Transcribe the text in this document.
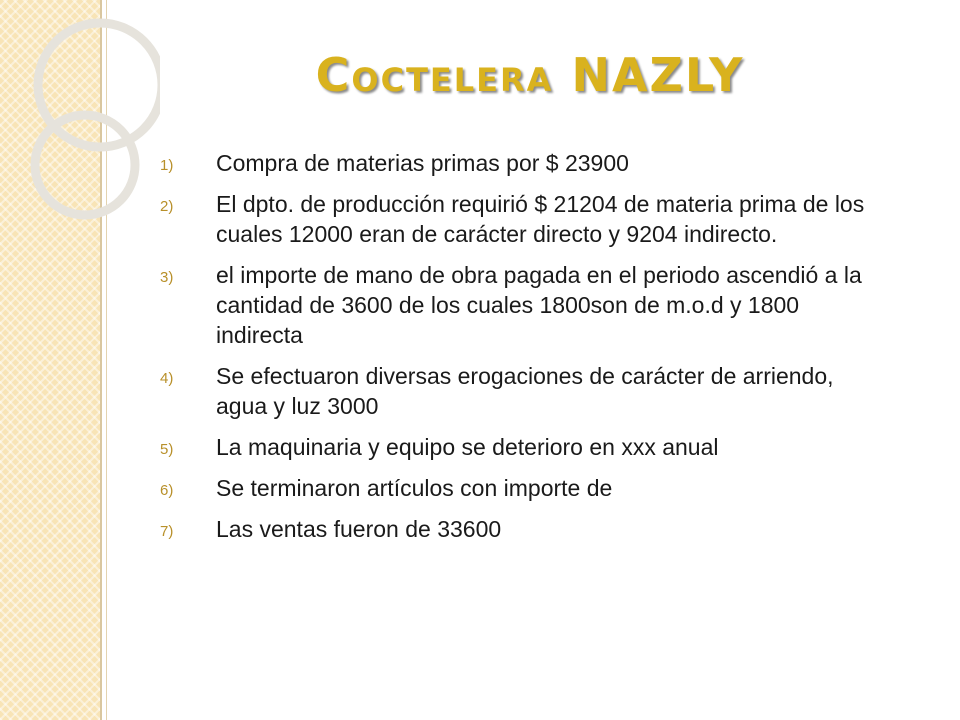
Coctelera NAZLY
1)	Compra de materias primas por $ 23900
2)	El dpto. de producción requirió $ 21204 de materia prima de los cuales 12000 eran de carácter directo y 9204 indirecto.
3)	el importe de mano de obra pagada en el periodo ascendió a la cantidad de 3600 de los cuales 1800son de m.o.d y 1800 indirecta
4)	Se efectuaron diversas erogaciones de carácter de arriendo, agua y luz 3000
5)	La maquinaria y equipo se deterioro en xxx anual
6)	Se terminaron artículos con importe de
7)	Las ventas fueron de 33600
